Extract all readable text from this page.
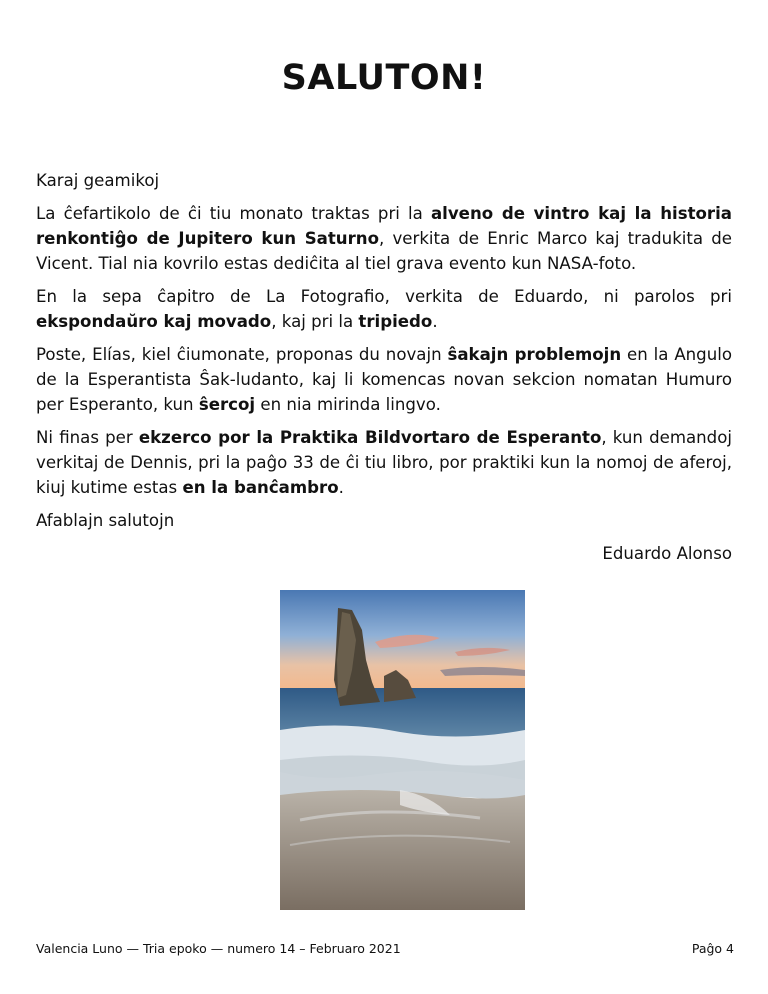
SALUTON!

Karaj geamikoj

La ĉefartikolo de ĉi tiu monato traktas pri la alveno de vintro kaj la historia renkontiĝo de Jupitero kun Saturno, verkita de Enric Marco kaj tradukita de Vicent. Tial nia kovrilo estas dediĉita al tiel grava evento kun NASA-foto.

En la sepa ĉapitro de La Fotografio, verkita de Eduardo, ni parolos pri ekspondaŭro kaj movado, kaj pri la tripiedo.

Poste, Elías, kiel ĉiumonate, proponas du novajn ŝakajn problemojn en la Angulo de la Esperantista Ŝak-ludanto, kaj li komencas novan sekcion nomatan Humuro per Esperanto, kun ŝercoj en nia mirinda lingvo.

Ni finas per ekzerco por la Praktika Bildvortaro de Esperanto, kun demandoj verkitaj de Dennis, pri la paĝo 33 de ĉi tiu libro, por praktiki kun la nomoj de aferoj, kiuj kutime estas en la banĉambro.

Afablajn salutojn

Eduardo Alonso

Valencia Luno — Tria epoko — numero 14 – Februaro 2021	Paĝo 4
